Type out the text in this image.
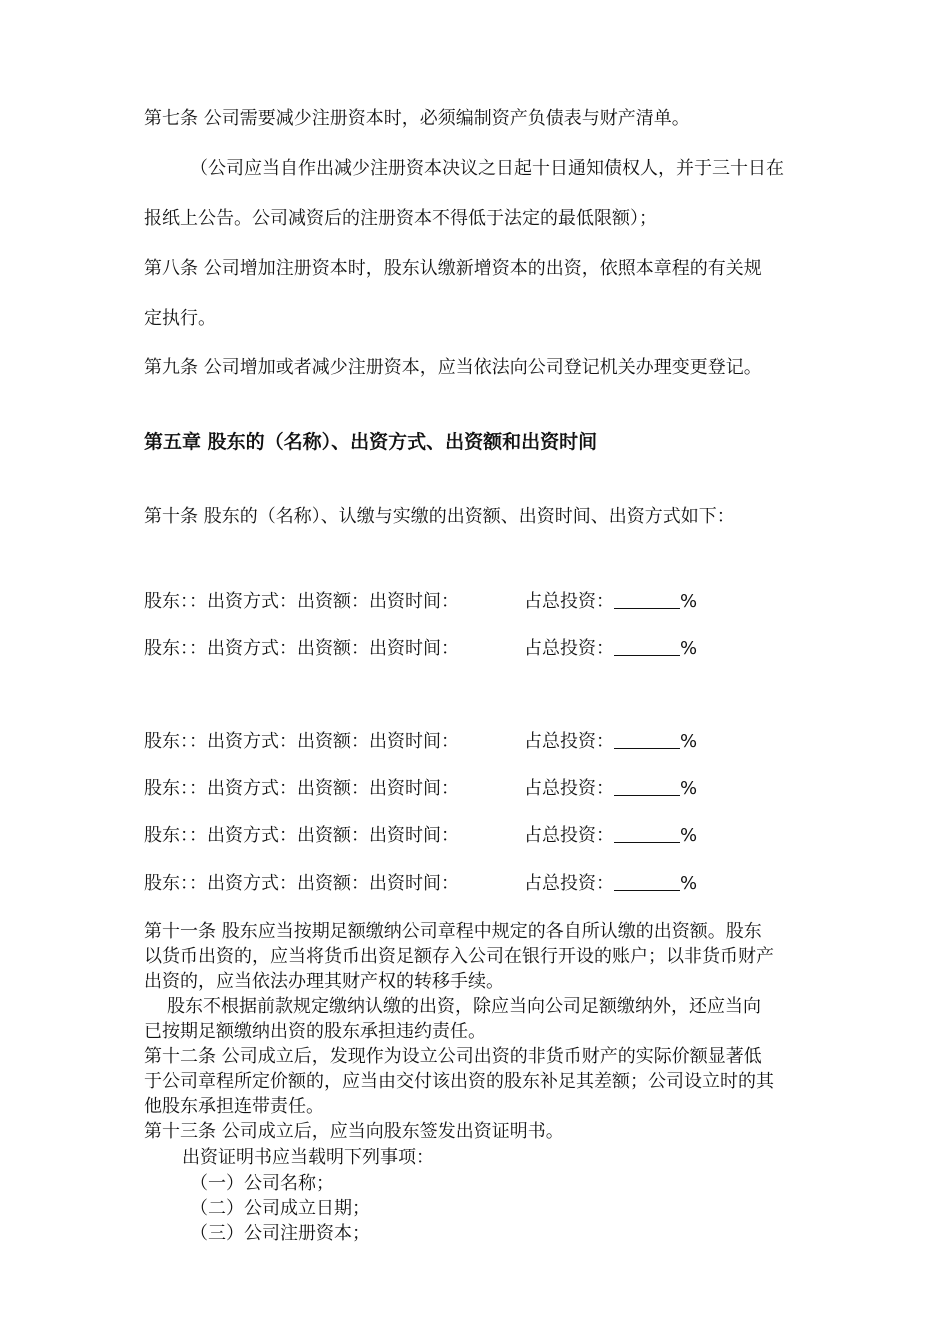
第七条 公司需要减少注册资本时，必须编制资产负债表与财产清单。
（公司应当自作出减少注册资本决议之日起十日通知债权人，并于三十日在
报纸上公告。公司减资后的注册资本不得低于法定的最低限额）；
第八条 公司增加注册资本时，股东认缴新增资本的出资，依照本章程的有关规
定执行。
第九条 公司增加或者减少注册资本，应当依法向公司登记机关办理变更登记。
第五章 股东的（名称）、出资方式、出资额和出资时间
第十条 股东的（名称）、认缴与实缴的出资额、出资时间、出资方式如下：
股东：：出资方式：出资额：出资时间：	占总投资：	%
股东：：出资方式：出资额：出资时间：	占总投资：	%
股东：：出资方式：出资额：出资时间：	占总投资：	%
股东：：出资方式：出资额：出资时间：	占总投资：	%
股东：：出资方式：出资额：出资时间：	占总投资：	%
股东：：出资方式：出资额：出资时间：	占总投资：	%
第十一条 股东应当按期足额缴纳公司章程中规定的各自所认缴的出资额。股东
以货币出资的，应当将货币出资足额存入公司在银行开设的账户；以非货币财产
出资的，应当依法办理其财产权的转移手续。
股东不根据前款规定缴纳认缴的出资，除应当向公司足额缴纳外，还应当向
已按期足额缴纳出资的股东承担违约责任。
第十二条 公司成立后，发现作为设立公司出资的非货币财产的实际价额显著低
于公司章程所定价额的，应当由交付该出资的股东补足其差额；公司设立时的其
他股东承担连带责任。
第十三条 公司成立后，应当向股东签发出资证明书。
出资证明书应当载明下列事项：
（一）公司名称；
（二）公司成立日期；
（三）公司注册资本；
